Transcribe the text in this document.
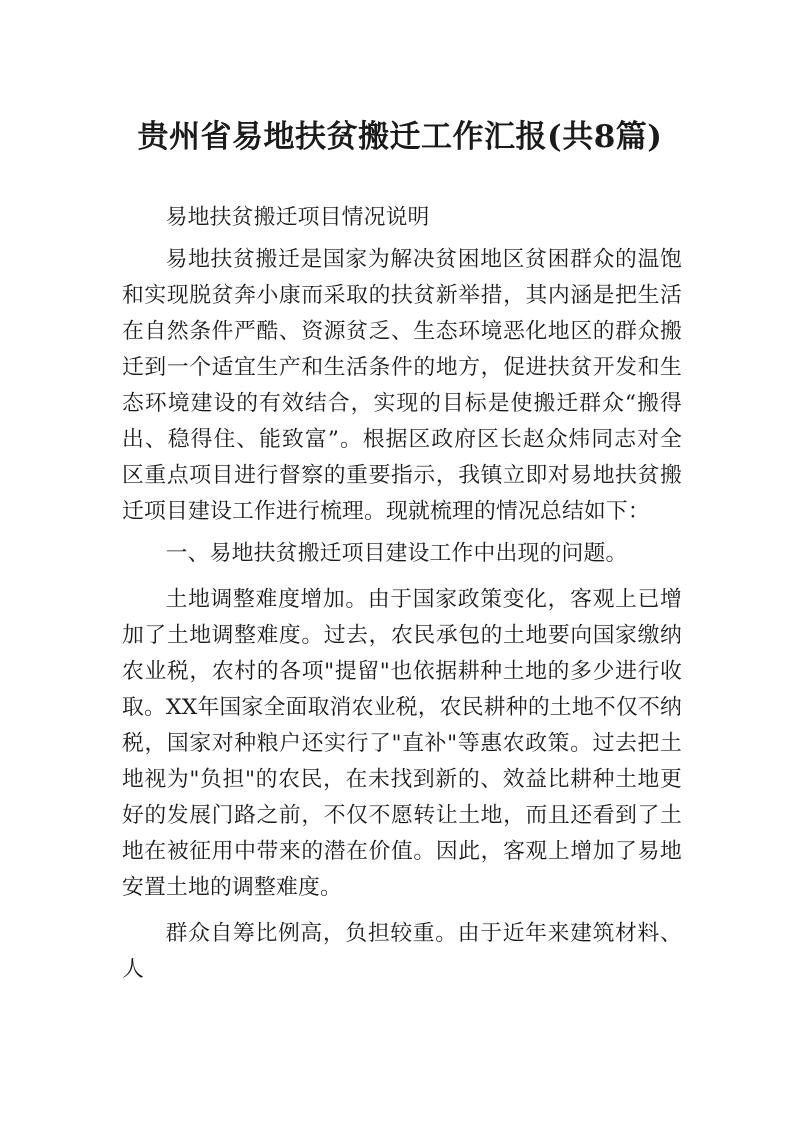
贵州省易地扶贫搬迁工作汇报(共8篇)

易地扶贫搬迁项目情况说明

易地扶贫搬迁是国家为解决贫困地区贫困群众的温饱和实现脱贫奔小康而采取的扶贫新举措，其内涵是把生活在自然条件严酷、资源贫乏、生态环境恶化地区的群众搬迁到一个适宜生产和生活条件的地方，促进扶贫开发和生态环境建设的有效结合，实现的目标是使搬迁群众“搬得出、稳得住、能致富”。根据区政府区长赵众炜同志对全区重点项目进行督察的重要指示，我镇立即对易地扶贫搬迁项目建设工作进行梳理。现就梳理的情况总结如下：

一、易地扶贫搬迁项目建设工作中出现的问题。

土地调整难度增加。由于国家政策变化，客观上已增加了土地调整难度。过去，农民承包的土地要向国家缴纳农业税，农村的各项"提留"也依据耕种土地的多少进行收取。XX年国家全面取消农业税，农民耕种的土地不仅不纳税，国家对种粮户还实行了"直补"等惠农政策。过去把土地视为"负担"的农民，在未找到新的、效益比耕种土地更好的发展门路之前，不仅不愿转让土地，而且还看到了土地在被征用中带来的潜在价值。因此，客观上增加了易地安置土地的调整难度。

群众自筹比例高，负担较重。由于近年来建筑材料、人
